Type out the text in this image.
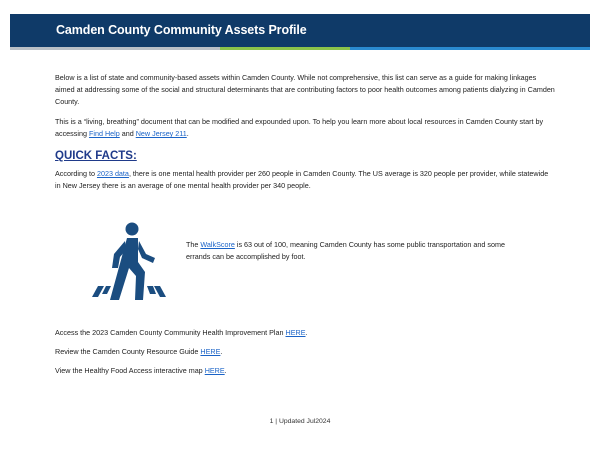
Camden County Community Assets Profile

Below is a list of state and community-based assets within Camden County. While not comprehensive, this list can serve as a guide for making linkages aimed at addressing some of the social and structural determinants that are contributing factors to poor health outcomes among patients dialyzing in Camden County.

This is a “living, breathing” document that can be modified and expounded upon. To help you learn more about local resources in Camden County start by accessing Find Help and New Jersey 211.

QUICK FACTS:

According to 2023 data, there is one mental health provider per 260 people in Camden County. The US average is 320 people per provider, while statewide in New Jersey there is an average of one mental health provider per 340 people.

The WalkScore is 63 out of 100, meaning Camden County has some public transportation and some errands can be accomplished by foot.

Access the 2023 Camden County Community Health Improvement Plan HERE.

Review the Camden County Resource Guide HERE.

View the Healthy Food Access interactive map HERE.

1 | Updated Jul2024
